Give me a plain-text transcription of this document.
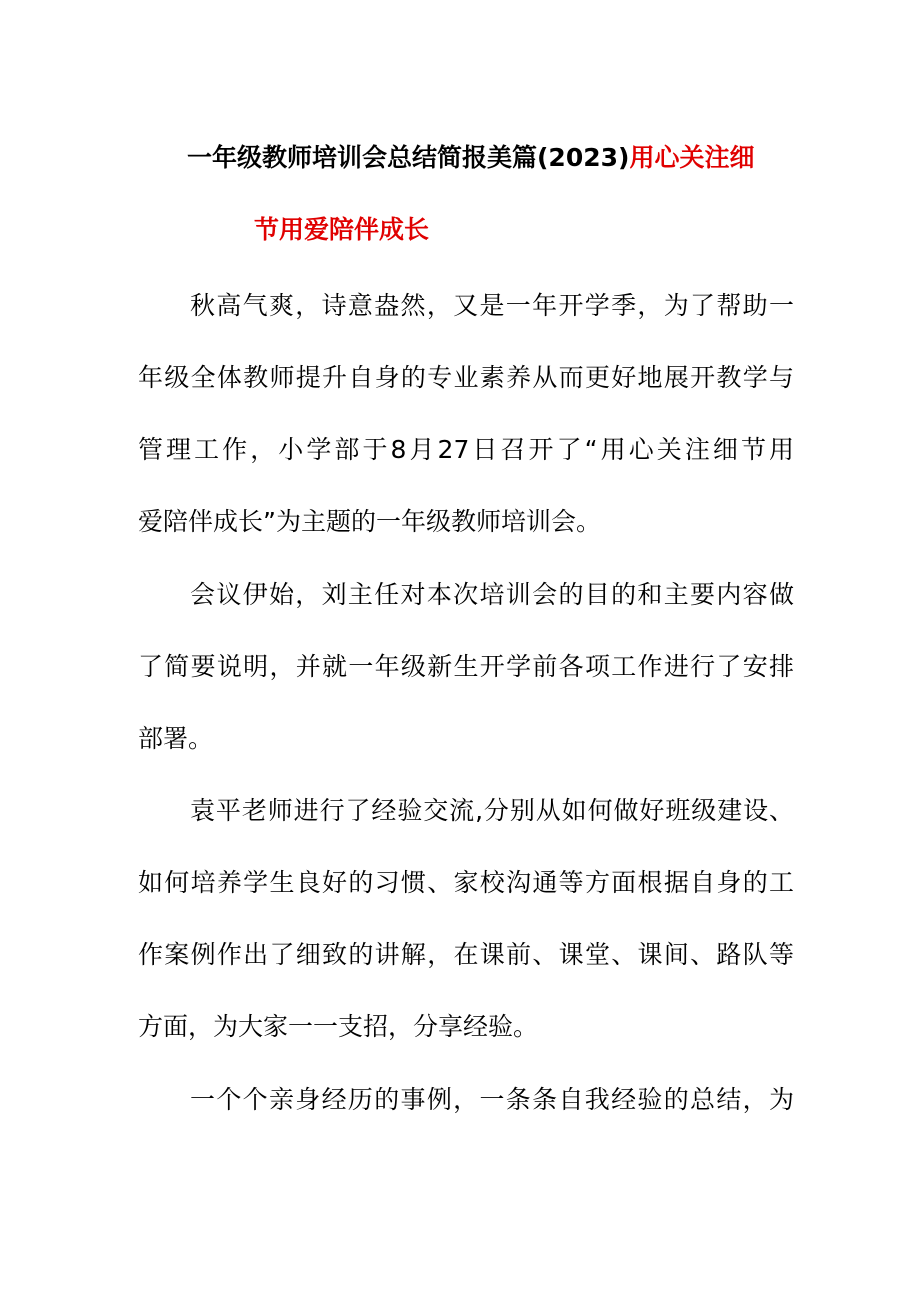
一年级教师培训会总结简报美篇(2023)用心关注细
节用爱陪伴成长
秋高气爽，诗意盎然，又是一年开学季，为了帮助一
年级全体教师提升自身的专业素养从而更好地展开教学与
管理工作，小学部于8月27日召开了“用心关注细节用
爱陪伴成长”为主题的一年级教师培训会。
会议伊始，刘主任对本次培训会的目的和主要内容做
了简要说明，并就一年级新生开学前各项工作进行了安排
部署。
袁平老师进行了经验交流,分别从如何做好班级建设、
如何培养学生良好的习惯、家校沟通等方面根据自身的工
作案例作出了细致的讲解，在课前、课堂、课间、路队等
方面，为大家一一支招，分享经验。
一个个亲身经历的事例，一条条自我经验的总结，为
